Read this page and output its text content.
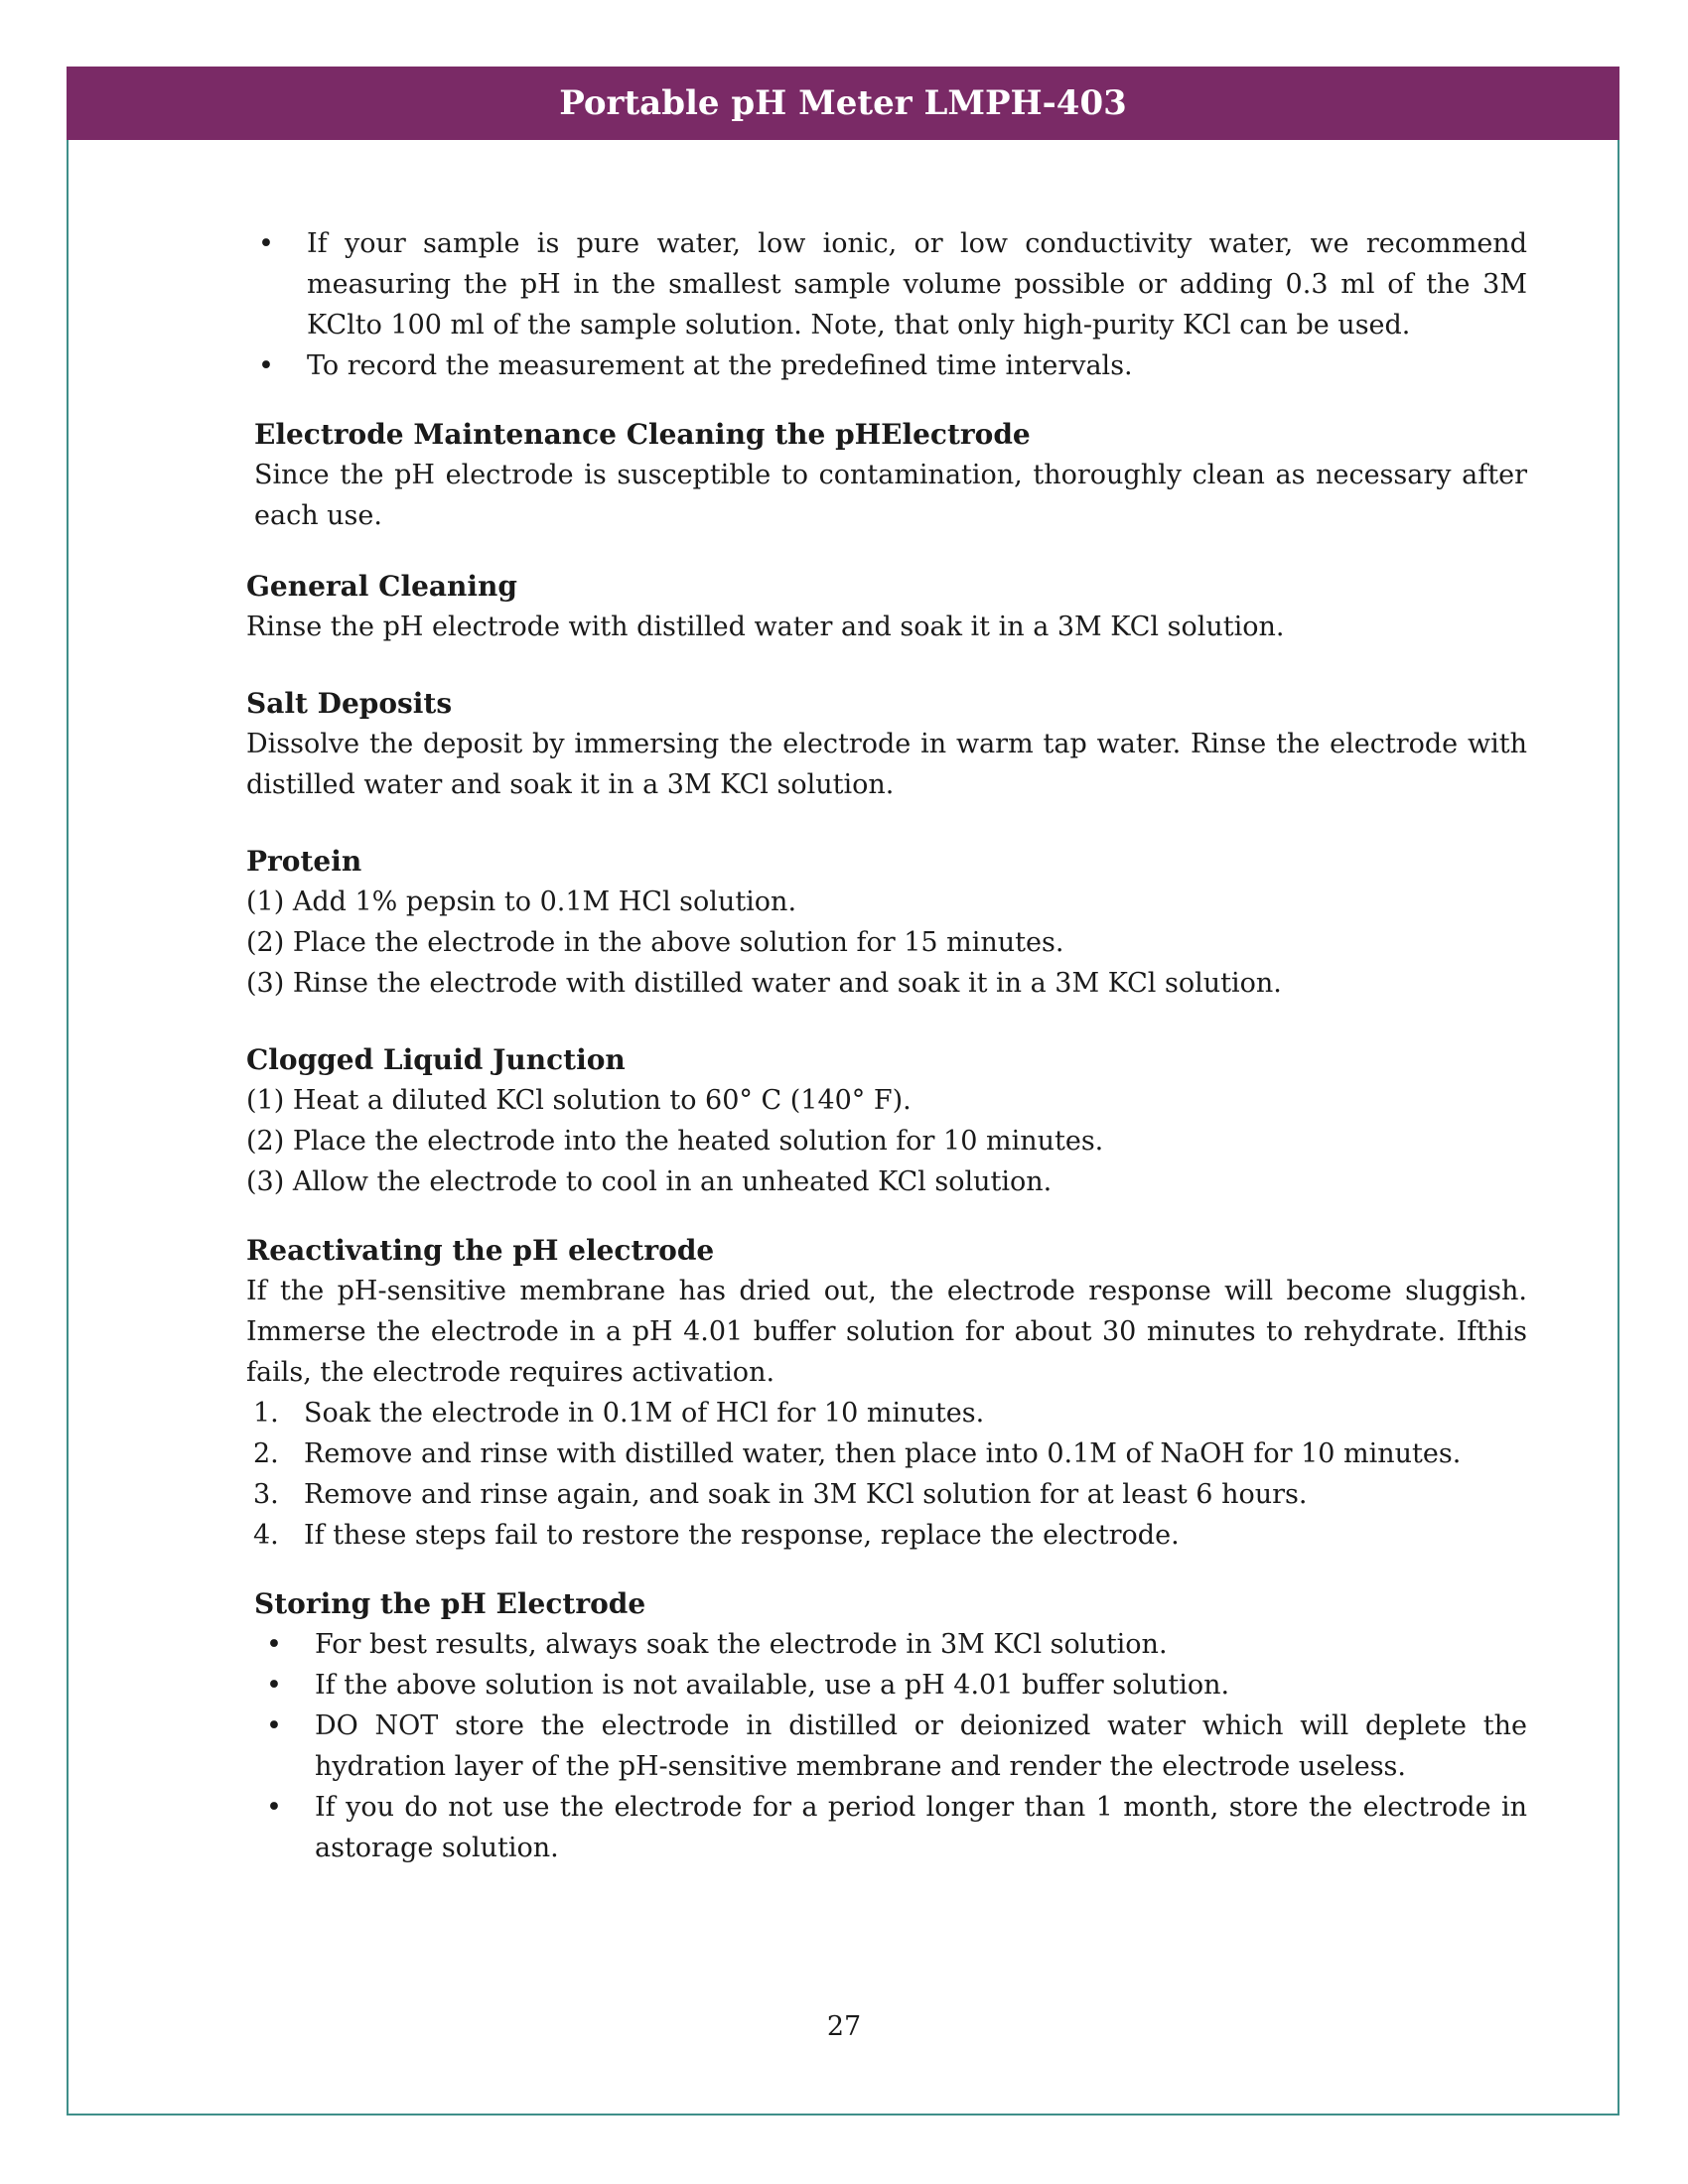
Portable pH Meter LMPH-403
• If your sample is pure water, low ionic, or low conductivity water, we recommend measuring the pH in the smallest sample volume possible or adding 0.3 ml of the 3M KClto 100 ml of the sample solution. Note, that only high-purity KCl can be used.
• To record the measurement at the predefined time intervals.
Electrode Maintenance Cleaning the pHElectrode

Since the pH electrode is susceptible to contamination, thoroughly clean as necessary after each use.

General Cleaning

Rinse the pH electrode with distilled water and soak it in a 3M KCl solution.

Salt Deposits

Dissolve the deposit by immersing the electrode in warm tap water. Rinse the electrode with distilled water and soak it in a 3M KCl solution.

Protein

(1) Add 1% pepsin to 0.1M HCl solution.

(2) Place the electrode in the above solution for 15 minutes.

(3) Rinse the electrode with distilled water and soak it in a 3M KCl solution.

Clogged Liquid Junction

(1) Heat a diluted KCl solution to 60° C (140° F).

(2) Place the electrode into the heated solution for 10 minutes.

(3) Allow the electrode to cool in an unheated KCl solution.

Reactivating the pH electrode

If the pH-sensitive membrane has dried out, the electrode response will become sluggish. Immerse the electrode in a pH 4.01 buffer solution for about 30 minutes to rehydrate. Ifthis fails, the electrode requires activation.

1. Soak the electrode in 0.1M of HCl for 10 minutes.
2. Remove and rinse with distilled water, then place into 0.1M of NaOH for 10 minutes.
3. Remove and rinse again, and soak in 3M KCl solution for at least 6 hours.
4. If these steps fail to restore the response, replace the electrode.
Storing the pH Electrode
• For best results, always soak the electrode in 3M KCl solution.
• If the above solution is not available, use a pH 4.01 buffer solution.
• DO NOT store the electrode in distilled or deionized water which will deplete the hydration layer of the pH-sensitive membrane and render the electrode useless.
• If you do not use the electrode for a period longer than 1 month, store the electrode in astorage solution.
27
